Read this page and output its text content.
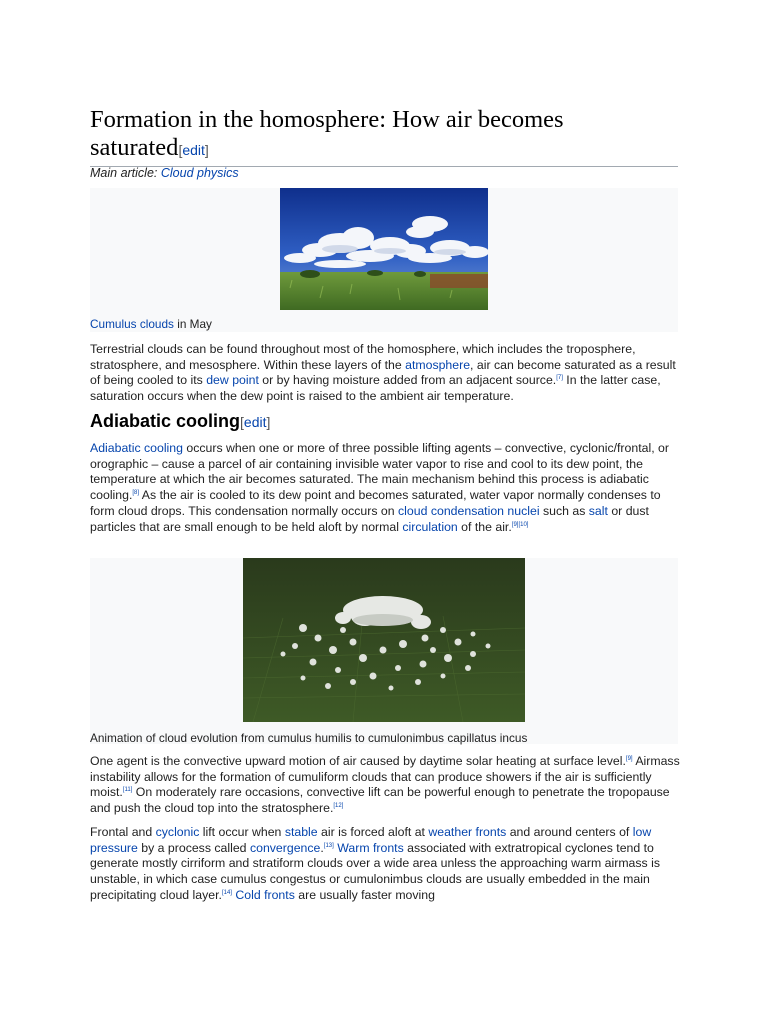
Formation in the homosphere: How air becomes saturated[edit]
Main article: Cloud physics
Cumulus clouds in May
Terrestrial clouds can be found throughout most of the homosphere, which includes the troposphere, stratosphere, and mesosphere. Within these layers of the atmosphere, air can become saturated as a result of being cooled to its dew point or by having moisture added from an adjacent source.[7] In the latter case, saturation occurs when the dew point is raised to the ambient air temperature.
Adiabatic cooling[edit]
Adiabatic cooling occurs when one or more of three possible lifting agents – convective, cyclonic/frontal, or orographic – cause a parcel of air containing invisible water vapor to rise and cool to its dew point, the temperature at which the air becomes saturated. The main mechanism behind this process is adiabatic cooling.[8] As the air is cooled to its dew point and becomes saturated, water vapor normally condenses to form cloud drops. This condensation normally occurs on cloud condensation nuclei such as salt or dust particles that are small enough to be held aloft by normal circulation of the air.[9][10]
Animation of cloud evolution from cumulus humilis to cumulonimbus capillatus incus
One agent is the convective upward motion of air caused by daytime solar heating at surface level.[9] Airmass instability allows for the formation of cumuliform clouds that can produce showers if the air is sufficiently moist.[11] On moderately rare occasions, convective lift can be powerful enough to penetrate the tropopause and push the cloud top into the stratosphere.[12]
Frontal and cyclonic lift occur when stable air is forced aloft at weather fronts and around centers of low pressure by a process called convergence.[13] Warm fronts associated with extratropical cyclones tend to generate mostly cirriform and stratiform clouds over a wide area unless the approaching warm airmass is unstable, in which case cumulus congestus or cumulonimbus clouds are usually embedded in the main precipitating cloud layer.[14] Cold fronts are usually faster moving
